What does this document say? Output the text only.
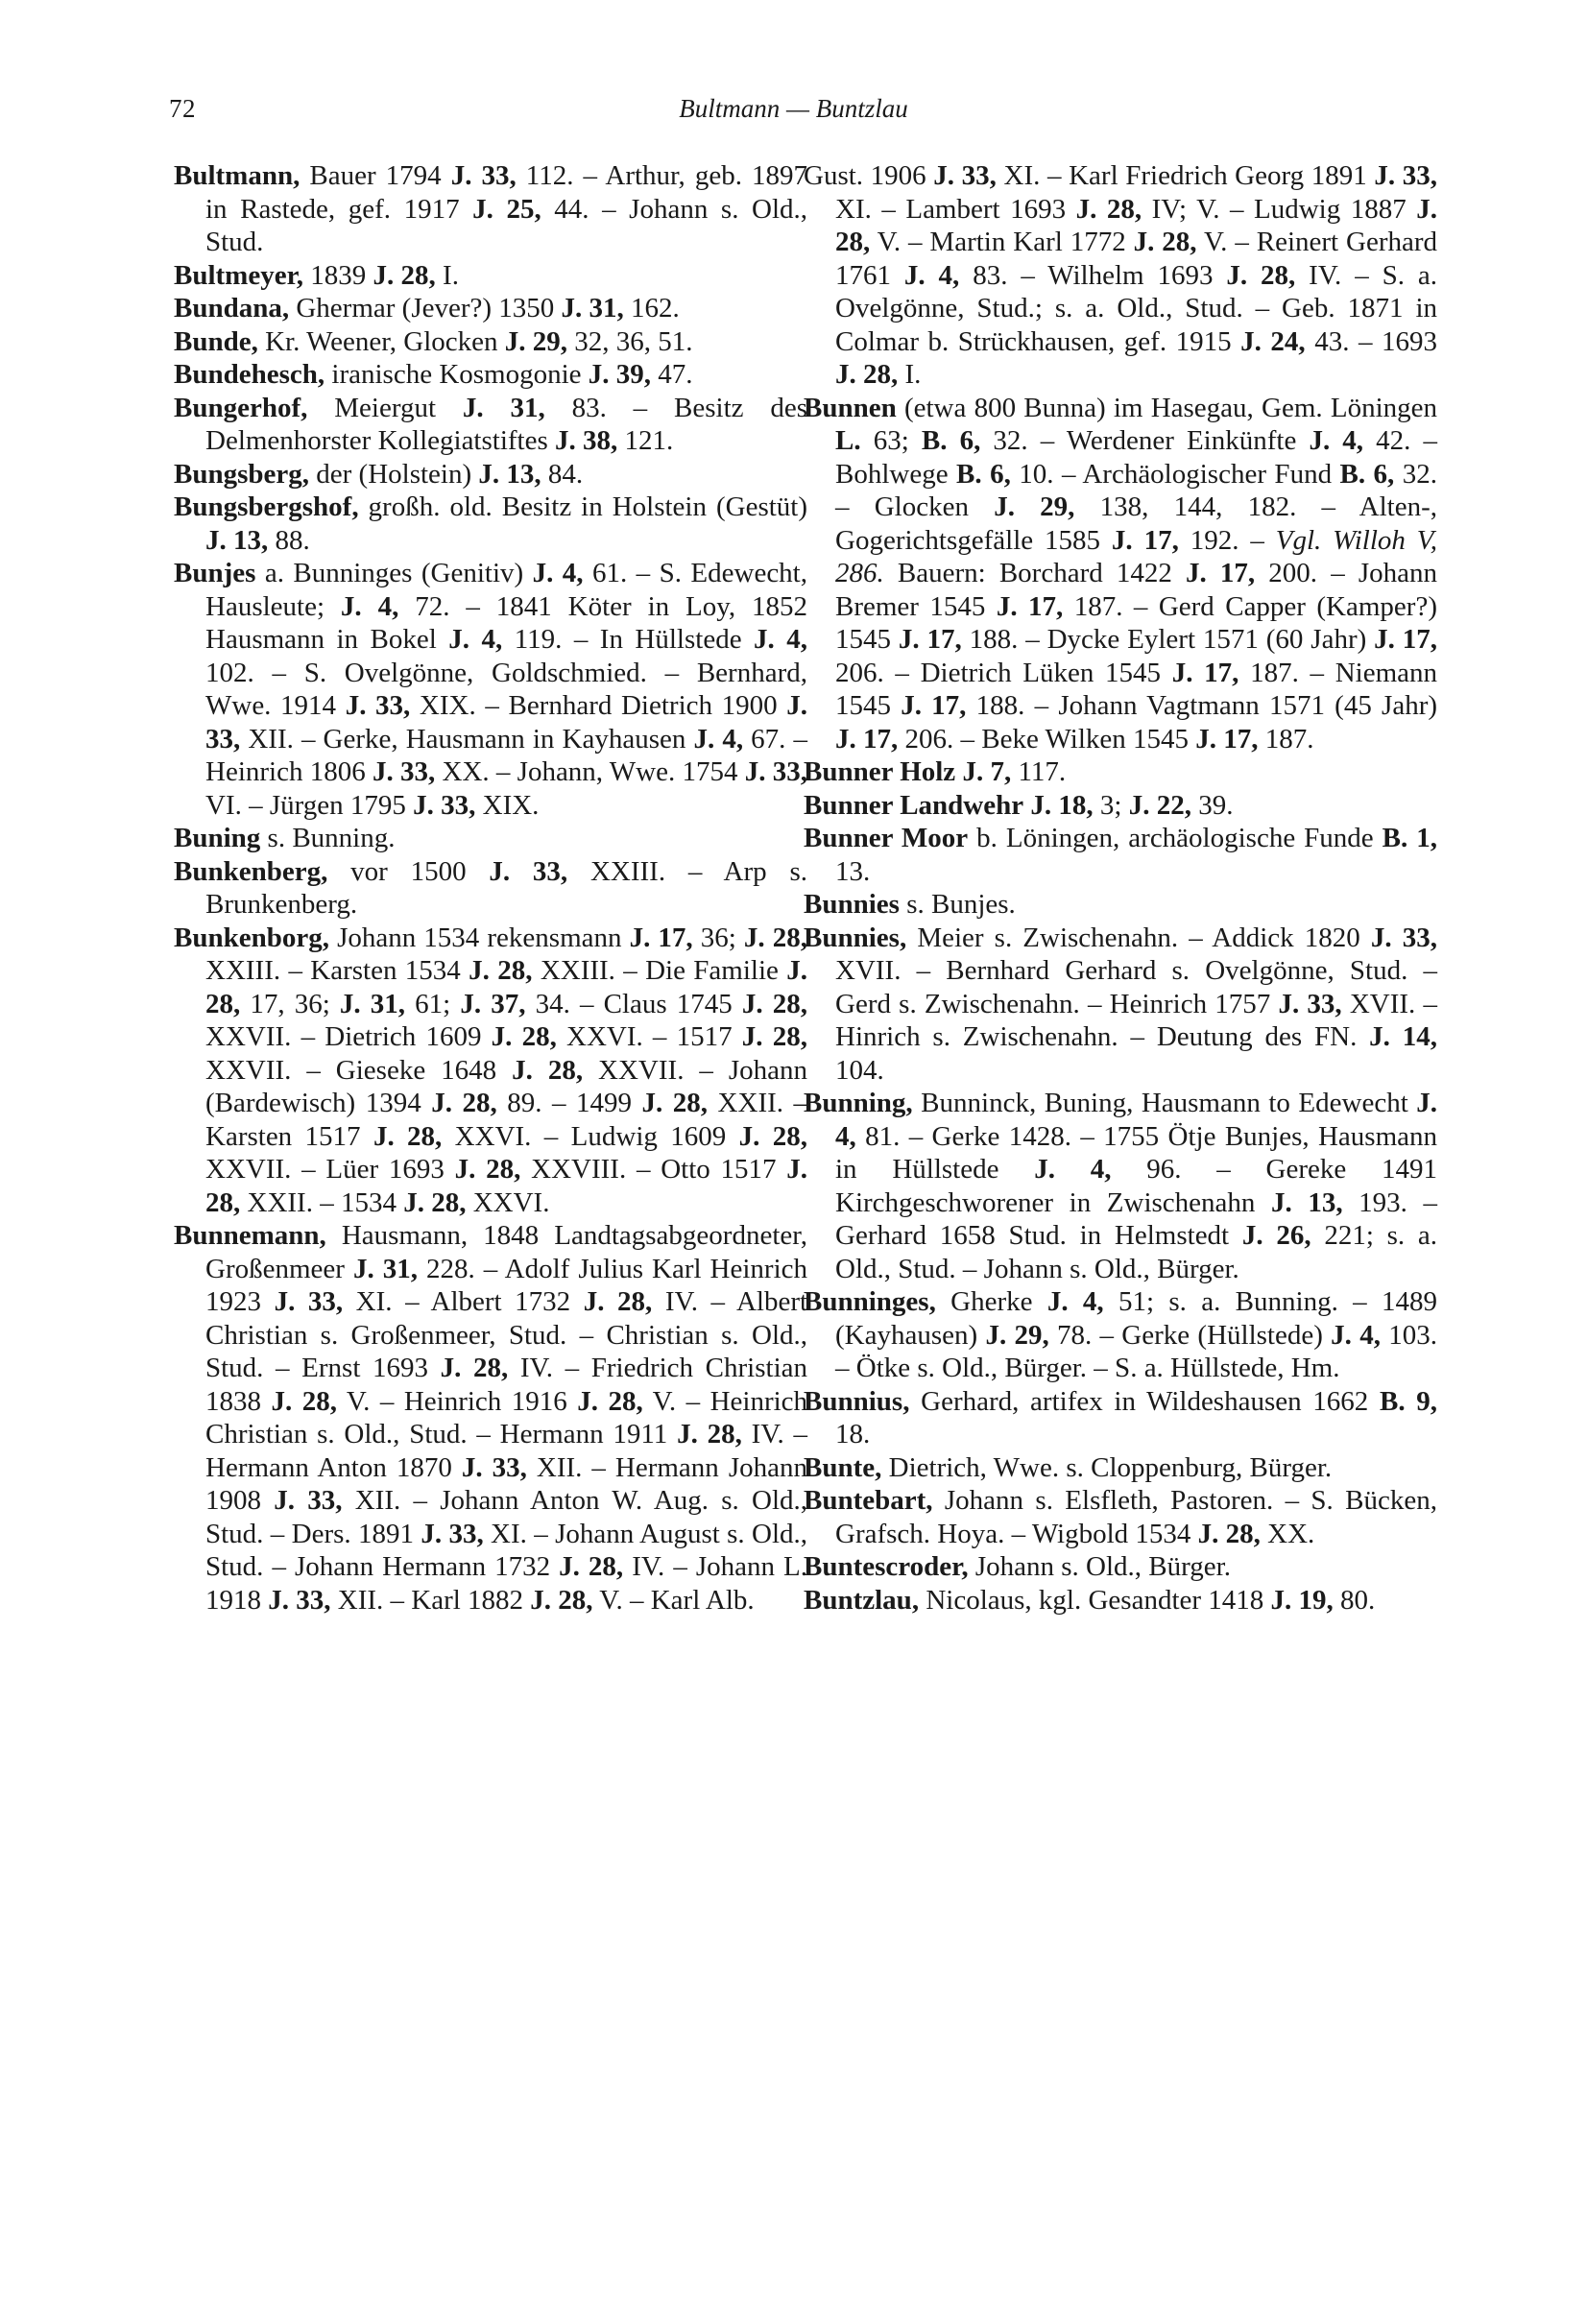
72	Bultmann — Buntzlau

Bultmann, Bauer 1794 J. 33, 112. – Arthur, geb. 1897 in Rastede, gef. 1917 J. 25, 44. – Johann s. Old., Stud.

Bultmeyer, 1839 J. 28, I.

Bundana, Ghermar (Jever?) 1350 J. 31, 162.

Bunde, Kr. Weener, Glocken J. 29, 32, 36, 51.

Bundehesch, iranische Kosmogonie J. 39, 47.

Bungerhof, Meiergut J. 31, 83. – Besitz des Delmenhorster Kollegiatstiftes J. 38, 121.

Bungsberg, der (Holstein) J. 13, 84.

Bungsbergshof, großh. old. Besitz in Holstein (Gestüt) J. 13, 88.

Bunjes a. Bunninges (Genitiv) J. 4, 61. – S. Edewecht, Hausleute; J. 4, 72. – 1841 Köter in Loy, 1852 Hausmann in Bokel J. 4, 119. – In Hüllstede J. 4, 102. – S. Ovelgönne, Goldschmied. – Bernhard, Wwe. 1914 J. 33, XIX. – Bernhard Dietrich 1900 J. 33, XII. – Gerke, Hausmann in Kayhausen J. 4, 67. – Heinrich 1806 J. 33, XX. – Johann, Wwe. 1754 J. 33, VI. – Jürgen 1795 J. 33, XIX.

Buning s. Bunning.

Bunkenberg, vor 1500 J. 33, XXIII. – Arp s. Brunkenberg.

Bunkenborg, Johann 1534 rekensmann J. 17, 36; J. 28, XXIII. – Karsten 1534 J. 28, XXIII. – Die Familie J. 28, 17, 36; J. 31, 61; J. 37, 34. – Claus 1745 J. 28, XXVII. – Dietrich 1609 J. 28, XXVI. – 1517 J. 28, XXVII. – Gieseke 1648 J. 28, XXVII. – Johann (Bardewisch) 1394 J. 28, 89. – 1499 J. 28, XXII. – Karsten 1517 J. 28, XXVI. – Ludwig 1609 J. 28, XXVII. – Lüer 1693 J. 28, XXVIII. – Otto 1517 J. 28, XXII. – 1534 J. 28, XXVI.

Bunnemann, Hausmann, 1848 Landtagsabgeordneter, Großenmeer J. 31, 228. – Adolf Julius Karl Heinrich 1923 J. 33, XI. – Albert 1732 J. 28, IV. – Albert Christian s. Großenmeer, Stud. – Christian s. Old., Stud. – Ernst 1693 J. 28, IV. – Friedrich Christian 1838 J. 28, V. – Heinrich 1916 J. 28, V. – Heinrich Christian s. Old., Stud. – Hermann 1911 J. 28, IV. – Hermann Anton 1870 J. 33, XII. – Hermann Johann 1908 J. 33, XII. – Johann Anton W. Aug. s. Old., Stud. – Ders. 1891 J. 33, XI. – Johann August s. Old., Stud. – Johann Hermann 1732 J. 28, IV. – Johann L. 1918 J. 33, XII. – Karl 1882 J. 28, V. – Karl Alb.

Gust. 1906 J. 33, XI. – Karl Friedrich Georg 1891 J. 33, XI. – Lambert 1693 J. 28, IV; V. – Ludwig 1887 J. 28, V. – Martin Karl 1772 J. 28, V. – Reinert Gerhard 1761 J. 4, 83. – Wilhelm 1693 J. 28, IV. – S. a. Ovelgönne, Stud.; s. a. Old., Stud. – Geb. 1871 in Colmar b. Strückhausen, gef. 1915 J. 24, 43. – 1693 J. 28, I.

Bunnen (etwa 800 Bunna) im Hasegau, Gem. Löningen L. 63; B. 6, 32. – Werdener Einkünfte J. 4, 42. – Bohlwege B. 6, 10. – Archäologischer Fund B. 6, 32. – Glocken J. 29, 138, 144, 182. – Alten-, Gogerichtsgefälle 1585 J. 17, 192. – Vgl. Willoh V, 286. Bauern: Borchard 1422 J. 17, 200. – Johann Bremer 1545 J. 17, 187. – Gerd Capper (Kamper?) 1545 J. 17, 188. – Dycke Eylert 1571 (60 Jahr) J. 17, 206. – Dietrich Lüken 1545 J. 17, 187. – Niemann 1545 J. 17, 188. – Johann Vagtmann 1571 (45 Jahr) J. 17, 206. – Beke Wilken 1545 J. 17, 187.

Bunner Holz J. 7, 117.

Bunner Landwehr J. 18, 3; J. 22, 39.

Bunner Moor b. Löningen, archäologische Funde B. 1, 13.

Bunnies s. Bunjes.

Bunnies, Meier s. Zwischenahn. – Addick 1820 J. 33, XVII. – Bernhard Gerhard s. Ovelgönne, Stud. – Gerd s. Zwischenahn. – Heinrich 1757 J. 33, XVII. – Hinrich s. Zwischenahn. – Deutung des FN. J. 14, 104.

Bunning, Bunninck, Buning, Hausmann to Edewecht J. 4, 81. – Gerke 1428. – 1755 Ötje Bunjes, Hausmann in Hüllstede J. 4, 96. – Gereke 1491 Kirchgeschworener in Zwischenahn J. 13, 193. – Gerhard 1658 Stud. in Helmstedt J. 26, 221; s. a. Old., Stud. – Johann s. Old., Bürger.

Bunninges, Gherke J. 4, 51; s. a. Bunning. – 1489 (Kayhausen) J. 29, 78. – Gerke (Hüllstede) J. 4, 103. – Ötke s. Old., Bürger. – S. a. Hüllstede, Hm.

Bunnius, Gerhard, artifex in Wildeshausen 1662 B. 9, 18.

Bunte, Dietrich, Wwe. s. Cloppenburg, Bürger.

Buntebart, Johann s. Elsfleth, Pastoren. – S. Bücken, Grafsch. Hoya. – Wigbold 1534 J. 28, XX.

Buntescroder, Johann s. Old., Bürger.

Buntzlau, Nicolaus, kgl. Gesandter 1418 J. 19, 80.
